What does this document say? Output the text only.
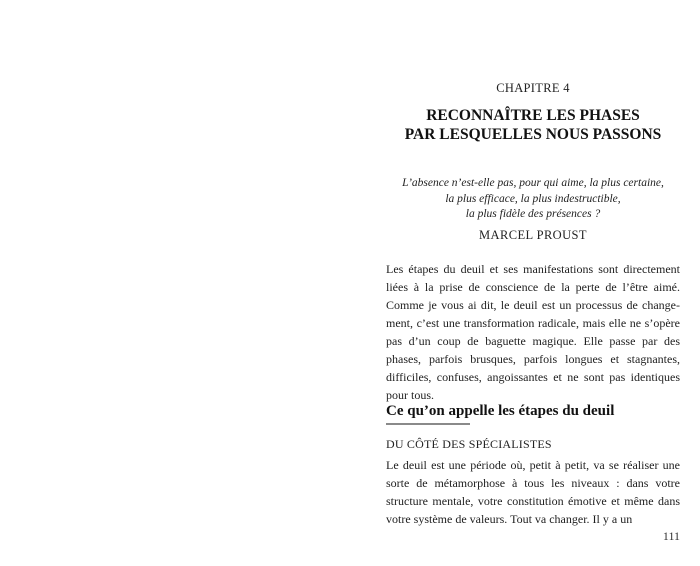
CHAPITRE 4
RECONNAÎTRE LES PHASES
PAR LESQUELLES NOUS PASSONS
L’absence n’est-elle pas, pour qui aime, la plus certaine,
la plus efficace, la plus indestructible,
la plus fidèle des présences ?
MARCEL PROUST
Les étapes du deuil et ses manifestations sont directement liées à la prise de conscience de la perte de l’être aimé. Comme je vous ai dit, le deuil est un processus de changement, c’est une transformation radicale, mais elle ne s’opère pas d’un coup de baguette magique. Elle passe par des phases, parfois brusques, parfois longues et stagnantes, difficiles, confuses, angoissantes et ne sont pas identiques pour tous.
Ce qu’on appelle les étapes du deuil
DU CÔTÉ DES SPÉCIALISTES
Le deuil est une période où, petit à petit, va se réaliser une sorte de métamorphose à tous les niveaux : dans votre structure mentale, votre constitution émotive et même dans votre système de valeurs. Tout va changer. Il y a un
111
